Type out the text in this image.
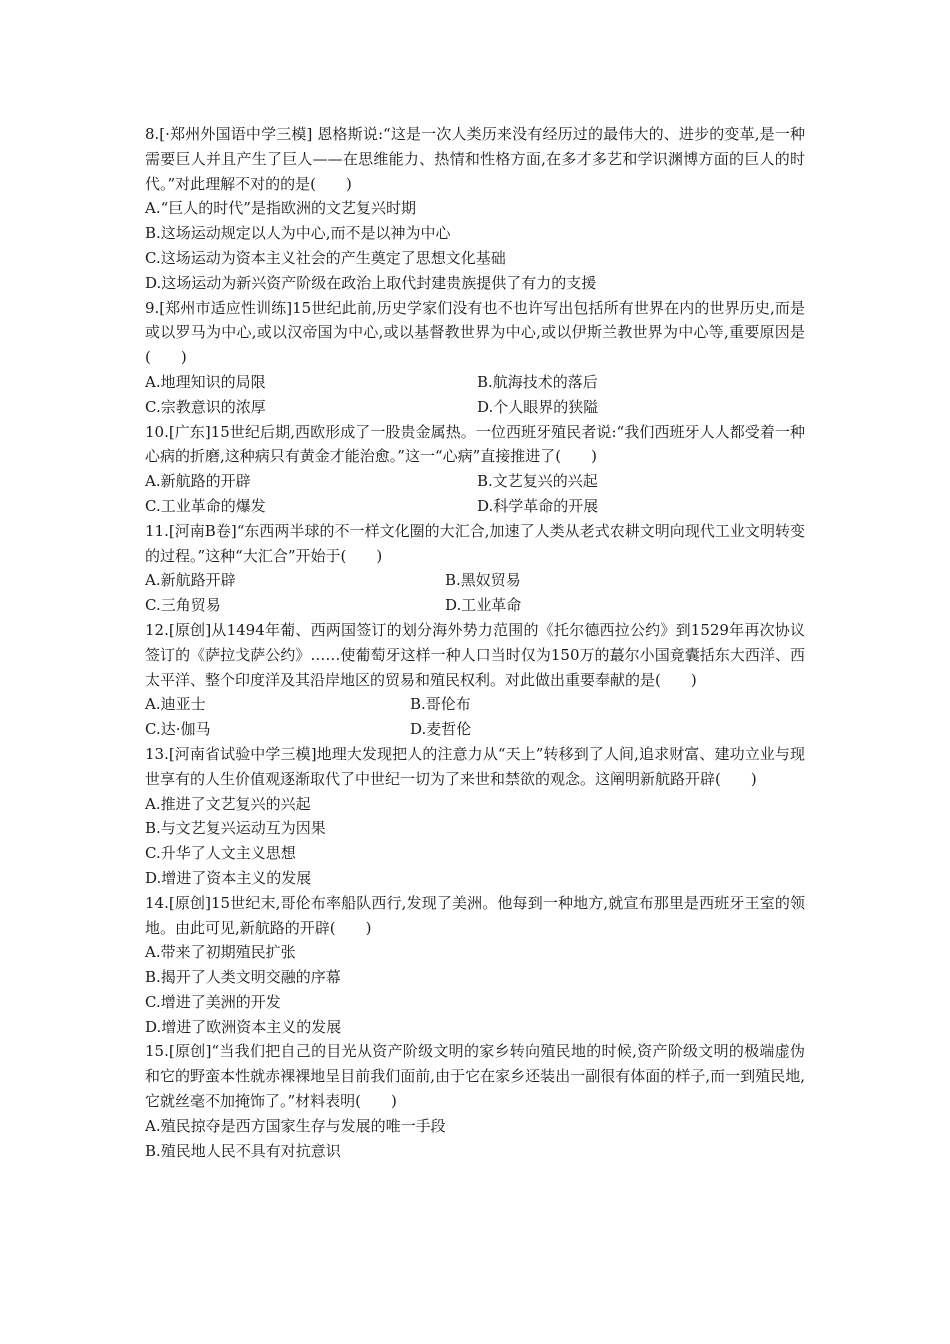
8.[·郑州外国语中学三模] 恩格斯说:“这是一次人类历来没有经历过的最伟大的、进步的变革,是一种需要巨人并且产生了巨人——在思维能力、热情和性格方面,在多才多艺和学识渊博方面的巨人的时代。”对此理解不对的的是(　　)
A.“巨人的时代”是指欧洲的文艺复兴时期
B.这场运动规定以人为中心,而不是以神为中心
C.这场运动为资本主义社会的产生奠定了思想文化基础
D.这场运动为新兴资产阶级在政治上取代封建贵族提供了有力的支援
9.[郑州市适应性训练]15世纪此前,历史学家们没有也不也许写出包括所有世界在内的世界历史,而是或以罗马为中心,或以汉帝国为中心,或以基督教世界为中心,或以伊斯兰教世界为中心等,重要原因是(　　)
A.地理知识的局限	B.航海技术的落后
C.宗教意识的浓厚	D.个人眼界的狭隘
10.[广东]15世纪后期,西欧形成了一股贵金属热。一位西班牙殖民者说:“我们西班牙人人都受着一种心病的折磨,这种病只有黄金才能治愈。”这一“心病”直接推进了(　　)
A.新航路的开辟	B.文艺复兴的兴起
C.工业革命的爆发	D.科学革命的开展
11.[河南B卷]“东西两半球的不一样文化圈的大汇合,加速了人类从老式农耕文明向现代工业文明转变的过程。”这种“大汇合”开始于(　　)
A.新航路开辟	B.黑奴贸易
C.三角贸易	D.工业革命
12.[原创]从1494年葡、西两国签订的划分海外势力范围的《托尔德西拉公约》到1529年再次协议签订的《萨拉戈萨公约》……使葡萄牙这样一种人口当时仅为150万的蕞尔小国竟囊括东大西洋、西太平洋、整个印度洋及其沿岸地区的贸易和殖民权利。对此做出重要奉献的是(　　)
A.迪亚士	B.哥伦布
C.达·伽马	D.麦哲伦
13.[河南省试验中学三模]地理大发现把人的注意力从“天上”转移到了人间,追求财富、建功立业与现世享有的人生价值观逐渐取代了中世纪一切为了来世和禁欲的观念。这阐明新航路开辟(　　)
A.推进了文艺复兴的兴起
B.与文艺复兴运动互为因果
C.升华了人文主义思想
D.增进了资本主义的发展
14.[原创]15世纪末,哥伦布率船队西行,发现了美洲。他每到一种地方,就宣布那里是西班牙王室的领地。由此可见,新航路的开辟(　　)
A.带来了初期殖民扩张
B.揭开了人类文明交融的序幕
C.增进了美洲的开发
D.增进了欧洲资本主义的发展
15.[原创]“当我们把自己的目光从资产阶级文明的家乡转向殖民地的时候,资产阶级文明的极端虚伪和它的野蛮本性就赤裸裸地呈目前我们面前,由于它在家乡还装出一副很有体面的样子,而一到殖民地,它就丝毫不加掩饰了。”材料表明(　　)
A.殖民掠夺是西方国家生存与发展的唯一手段
B.殖民地人民不具有对抗意识
